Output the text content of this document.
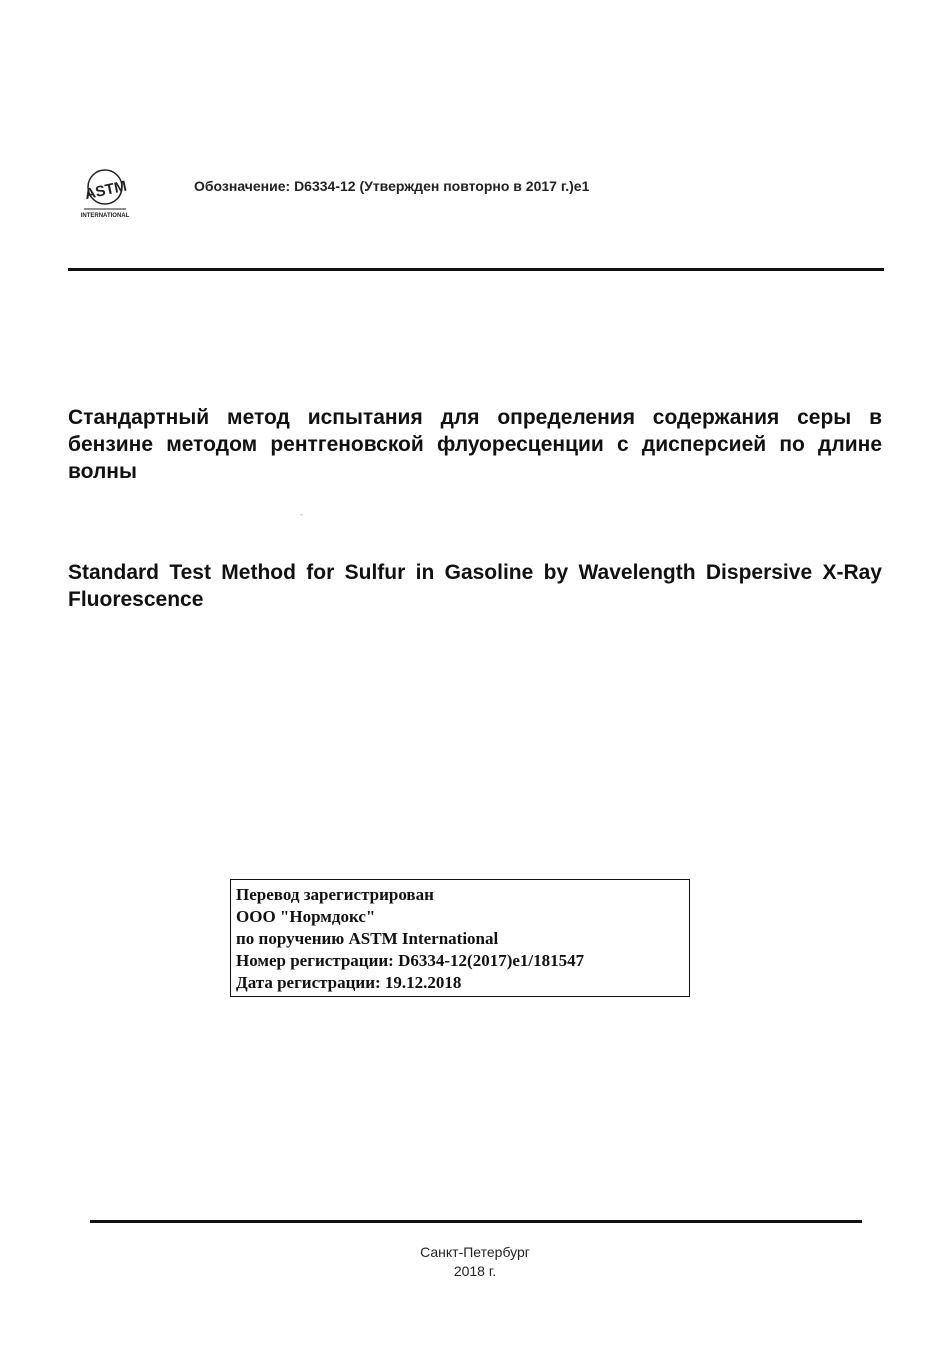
ASTM
INTERNATIONAL
Обозначение: D6334-12 (Утвержден повторно в 2017 г.)e1
Стандартный метод испытания для определения содержания серы в бензине методом рентгеновской флуоресценции с дисперсией по длине волны
-
Standard Test Method for Sulfur in Gasoline by Wavelength Dispersive X-Ray Fluorescence
Перевод зарегистрирован
ООО "Нормдокс"
по поручению ASTM International
Номер регистрации: D6334-12(2017)e1/181547
Дата регистрации: 19.12.2018
Санкт-Петербург
2018 г.
